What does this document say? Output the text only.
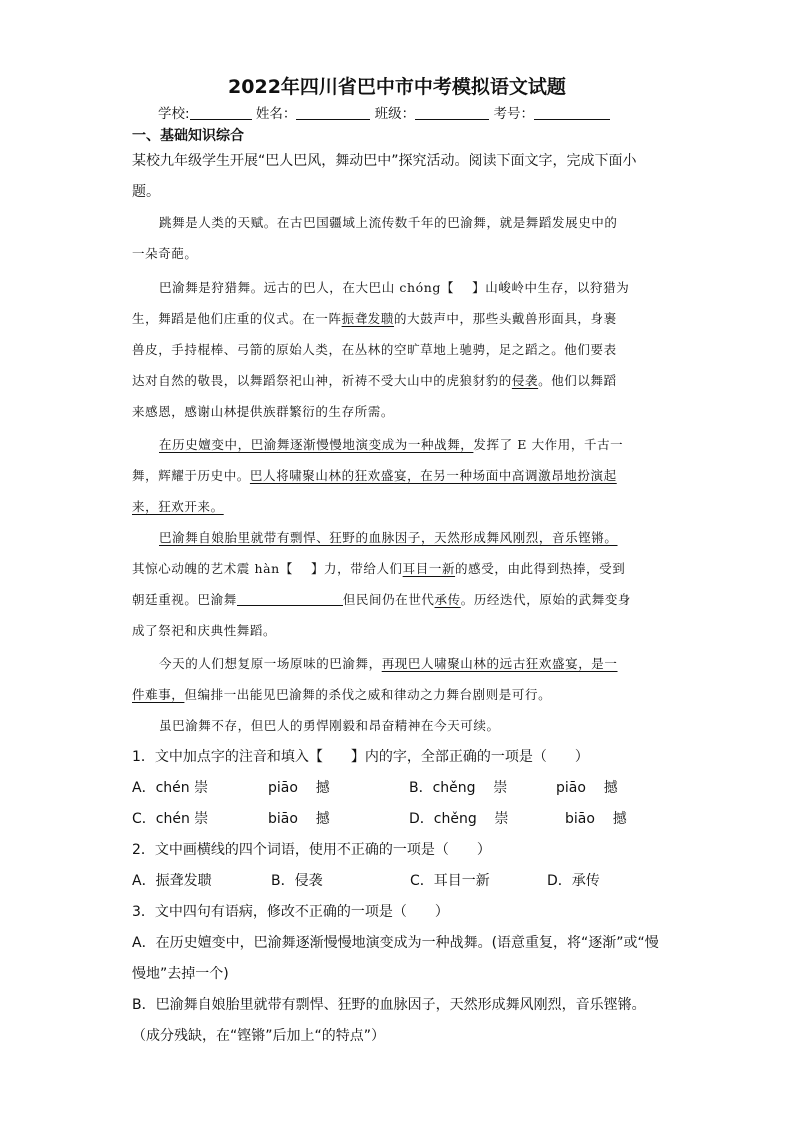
2022年四川省巴中市中考模拟语文试题
学校:	姓名：	班级：	考号：
一、基础知识综合
某校九年级学生开展“巴人巴风，舞动巴中”探究活动。阅读下面文字，完成下面小
题。
跳舞是人类的天赋。在古巴国疆域上流传数千年的巴渝舞，就是舞蹈发展史中的
一朵奇葩。
巴渝舞是狩猎舞。远古的巴人，在大巴山 chóng【 】山峻岭中生存，以狩猎为
生，舞蹈是他们庄重的仪式。在一阵振聋发聩的大鼓声中，那些头戴兽形面具，身裹
兽皮，手持棍棒、弓箭的原始人类，在丛林的空旷草地上驰骋，足之蹈之。他们要表
达对自然的敬畏，以舞蹈祭祀山神，祈祷不受大山中的虎狼豺豹的侵袭。他们以舞蹈
来感恩，感谢山林提供族群繁衍的生存所需。
在历史嬗变中，巴渝舞逐渐慢慢地演变成为一种战舞，发挥了 E 大作用，千古一
舞，辉耀于历史中。巴人将啸聚山林的狂欢盛宴，在另一种场面中高调激昂地扮演起
来，狂欢开来。
巴渝舞自娘胎里就带有剽悍、狂野的血脉因子，天然形成舞风刚烈，音乐铿锵。
其惊心动魄的艺术震 hàn【 】力，带给人们耳目一新的感受，由此得到热捧，受到
朝廷重视。巴渝舞	但民间仍在世代承传。历经迭代，原始的武舞变身
成了祭祀和庆典性舞蹈。
今天的人们想复原一场原味的巴渝舞，再现巴人啸聚山林的远古狂欢盛宴，是一
件难事，但编排一出能见巴渝舞的杀伐之威和律动之力舞台剧则是可行。
虽巴渝舞不存，但巴人的勇悍刚毅和昂奋精神在今天可续。
1．文中加点字的注音和填入【　　】内的字，全部正确的一项是（　　）
A．chén 崇	piāo 撼	B．chěng 崇	piāo 撼
C．chén 崇	biāo 撼	D．chěng 崇	biāo 撼
2．文中画横线的四个词语，使用不正确的一项是（　　）
A．振聋发聩	B．侵袭	C．耳目一新	D．承传
3．文中四句有语病，修改不正确的一项是（　　）
A．在历史嬗变中，巴渝舞逐渐慢慢地演变成为一种战舞。(语意重复，将“逐渐”或“慢
慢地”去掉一个)
B．巴渝舞自娘胎里就带有剽悍、狂野的血脉因子，天然形成舞风刚烈，音乐铿锵。
（成分残缺，在“铿锵”后加上“的特点”）
